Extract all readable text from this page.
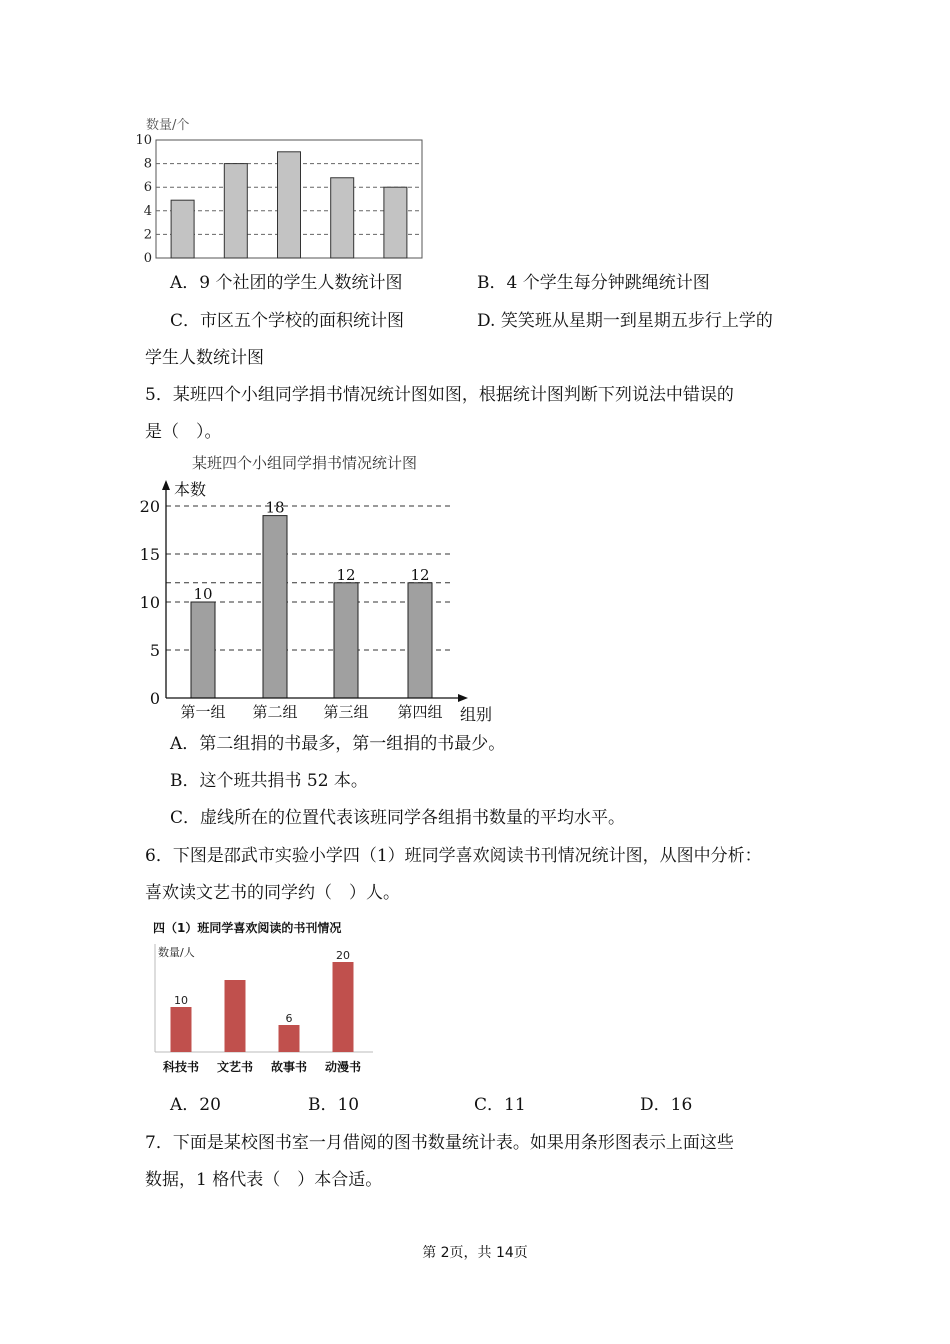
数量/个
0
2
4
6
8
10
A．9 个社团的学生人数统计图	B．4 个学生每分钟跳绳统计图
C．市区五个学校的面积统计图	D. 笑笑班从星期一到星期五步行上学的
学生人数统计图
5．某班四个小组同学捐书情况统计图如图，根据统计图判断下列说法中错误的
是（　）。
某班四个小组同学捐书情况统计图
本数
组别
0
5
10
15
20
第一组 第二组 第三组 第四组
10
18
12	12
A．第二组捐的书最多，第一组捐的书最少。
B．这个班共捐书 52 本。
C．虚线所在的位置代表该班同学各组捐书数量的平均水平。
6．下图是邵武市实验小学四（1）班同学喜欢阅读书刊情况统计图，从图中分析：
喜欢读文艺书的同学约（　）人。
四（1）班同学喜欢阅读的书刊情况
数量/人
10
6
20
科技书 文艺书 故事书 动漫书
A．20	B．10	C．11	D．16
7．下面是某校图书室一月借阅的图书数量统计表。如果用条形图表示上面这些
数据，1 格代表（　）本合适。
第 2页，共 14页
